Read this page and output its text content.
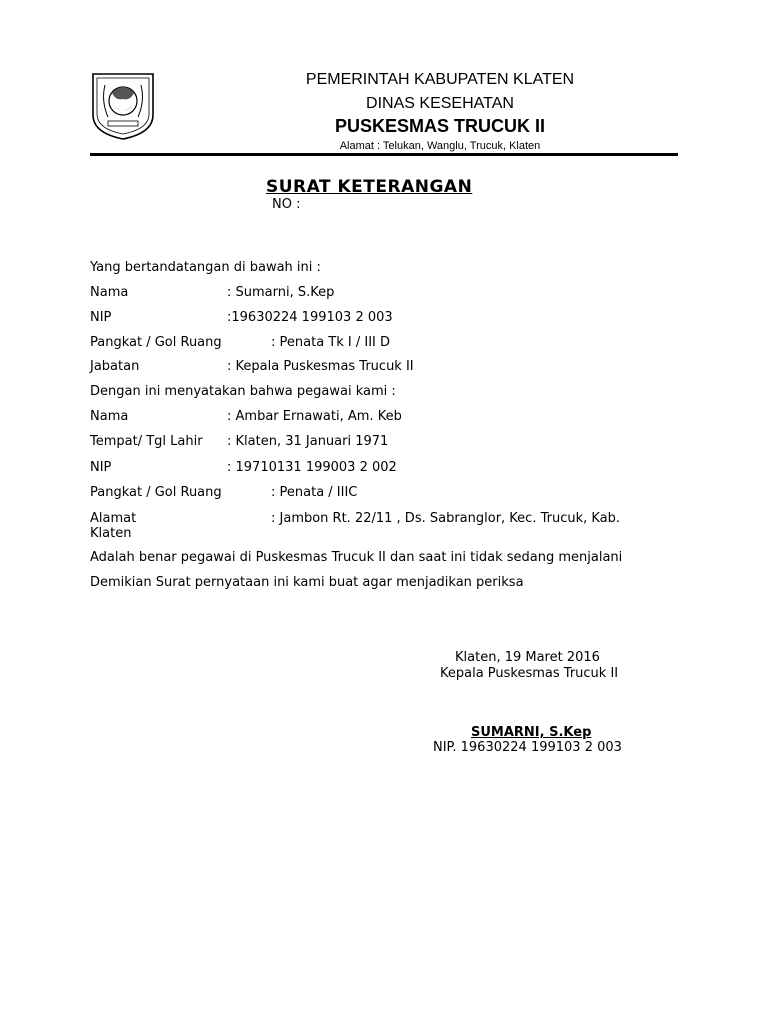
PEMERINTAH KABUPATEN KLATEN
DINAS KESEHATAN
PUSKESMAS TRUCUK II
Alamat : Telukan, Wanglu, Trucuk, Klaten
SURAT KETERANGAN
NO :
Yang bertandatangan di bawah ini :
Nama	: Sumarni, S.Kep
NIP	:19630224 199103 2 003
Pangkat / Gol Ruang	: Penata Tk I / III D
Jabatan	: Kepala Puskesmas Trucuk II
Dengan ini menyatakan bahwa pegawai kami :
Nama	: Ambar Ernawati, Am. Keb
Tempat/ Tgl Lahir : Klaten, 31 Januari 1971
NIP	: 19710131 199003 2 002
Pangkat / Gol Ruang	: Penata / IIIC
Alamat	: Jambon Rt. 22/11 , Ds. Sabranglor, Kec. Trucuk, Kab.
Klaten
Adalah benar pegawai di Puskesmas Trucuk II dan saat ini tidak sedang menjalani
Demikian Surat pernyataan ini kami buat agar menjadikan periksa
Klaten, 19 Maret 2016
Kepala Puskesmas Trucuk II
SUMARNI, S.Kep
NIP. 19630224 199103 2 003
